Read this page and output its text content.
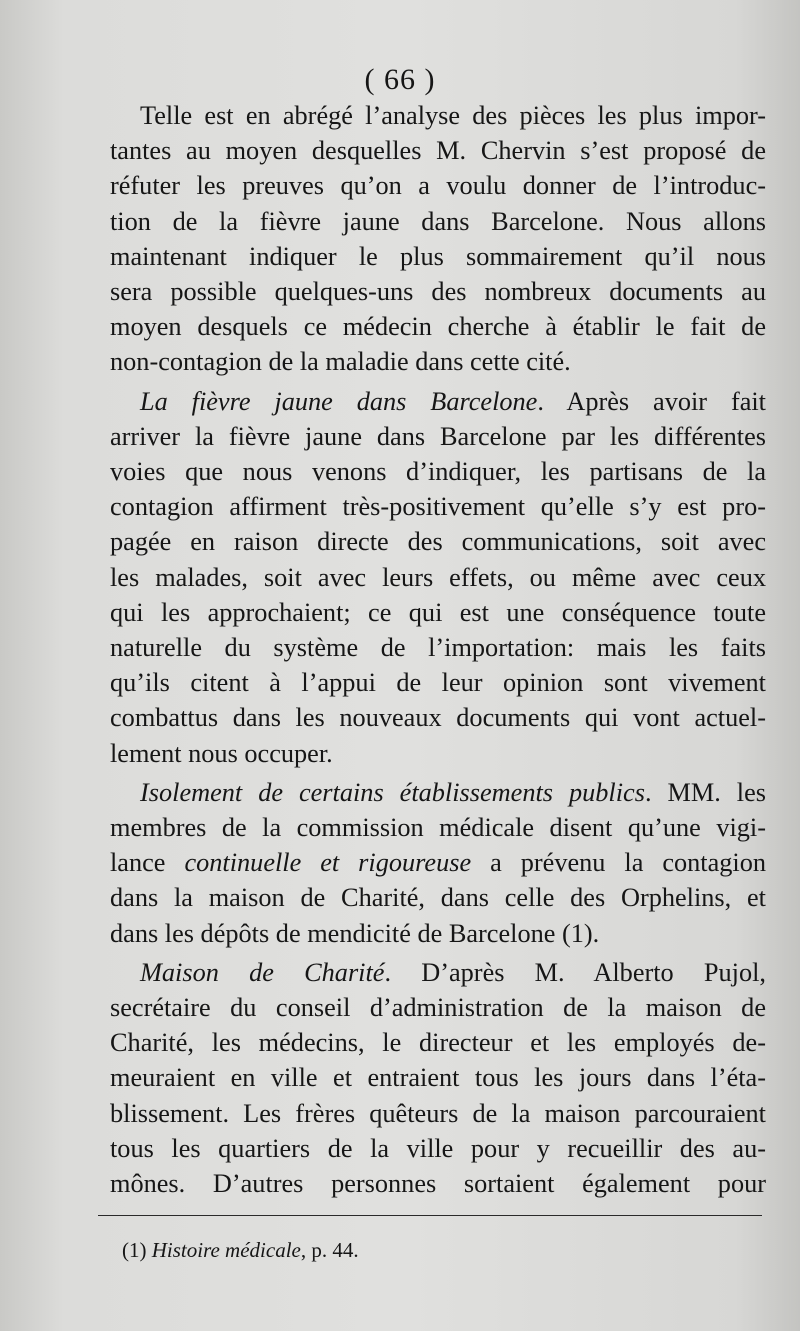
( 66 )
Telle est en abrégé l’analyse des pièces les plus impor-
tantes au moyen desquelles M. Chervin s’est proposé de
réfuter les preuves qu’on a voulu donner de l’introduc-
tion de la fièvre jaune dans Barcelone. Nous allons
maintenant indiquer le plus sommairement qu’il nous
sera possible quelques-uns des nombreux documents au
moyen desquels ce médecin cherche à établir le fait de
non-contagion de la maladie dans cette cité.
La fièvre jaune dans Barcelone. Après avoir fait
arriver la fièvre jaune dans Barcelone par les différentes
voies que nous venons d’indiquer, les partisans de la
contagion affirment très-positivement qu’elle s’y est pro-
pagée en raison directe des communications, soit avec
les malades, soit avec leurs effets, ou même avec ceux
qui les approchaient; ce qui est une conséquence toute
naturelle du système de l’importation: mais les faits
qu’ils citent à l’appui de leur opinion sont vivement
combattus dans les nouveaux documents qui vont actuel-
lement nous occuper.
Isolement de certains établissements publics. MM. les
membres de la commission médicale disent qu’une vigi-
lance continuelle et rigoureuse a prévenu la contagion
dans la maison de Charité, dans celle des Orphelins, et
dans les dépôts de mendicité de Barcelone (1).
Maison de Charité. D’après M. Alberto Pujol,
secrétaire du conseil d’administration de la maison de
Charité, les médecins, le directeur et les employés de-
meuraient en ville et entraient tous les jours dans l’éta-
blissement. Les frères quêteurs de la maison parcouraient
tous les quartiers de la ville pour y recueillir des au-
mônes. D’autres personnes sortaient également pour
(1) Histoire médicale, p. 44.
